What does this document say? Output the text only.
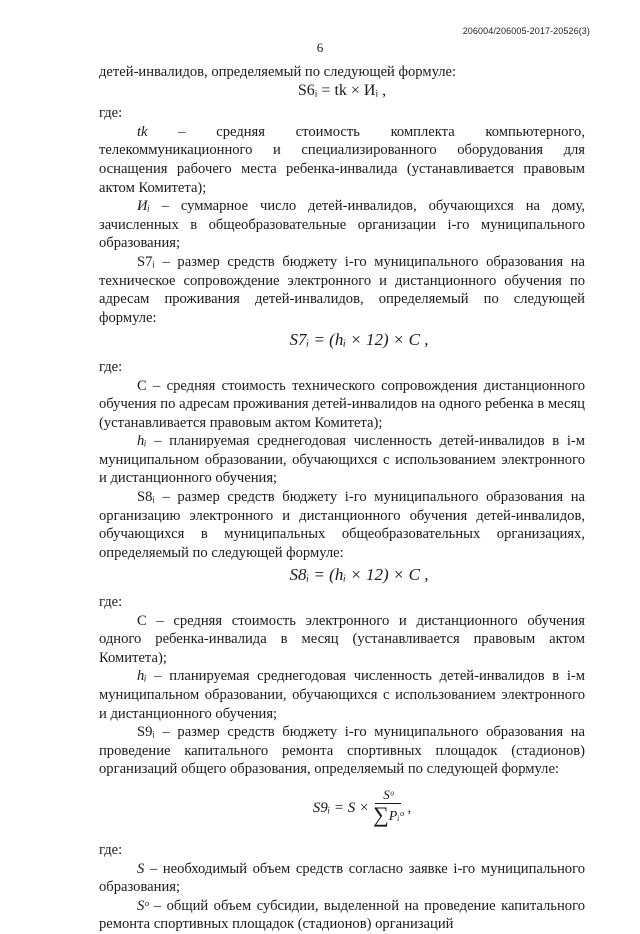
206004/206005-2017-20526(3)
6

детей-инвалидов, определяемый по следующей формуле:

S6ᵢ = tk × Иᵢ ,

где:

tk – средняя стоимость комплекта компьютерного, телекоммуникационного и специализированного оборудования для оснащения рабочего места ребенка-инвалида (устанавливается правовым актом Комитета);

Иᵢ – суммарное число детей-инвалидов, обучающихся на дому, зачисленных в общеобразовательные организации i-го муниципального образования;

S7ᵢ – размер средств бюджету i-го муниципального образования на техническое сопровождение электронного и дистанционного обучения по адресам проживания детей-инвалидов, определяемый по следующей формуле:

S7ᵢ = (hᵢ × 12) × C ,

где:

C – средняя стоимость технического сопровождения дистанционного обучения по адресам проживания детей-инвалидов на одного ребенка в месяц (устанавливается правовым актом Комитета);

hᵢ – планируемая среднегодовая численность детей-инвалидов в i-м муниципальном образовании, обучающихся с использованием электронного и дистанционного обучения;

S8ᵢ – размер средств бюджету i-го муниципального образования на организацию электронного и дистанционного обучения детей-инвалидов, обучающихся в муниципальных общеобразовательных организациях, определяемый по следующей формуле:

S8ᵢ = (hᵢ × 12) × C ,

где:

C – средняя стоимость электронного и дистанционного обучения одного ребенка-инвалида в месяц (устанавливается правовым актом Комитета);

hᵢ – планируемая среднегодовая численность детей-инвалидов в i-м муниципальном образовании, обучающихся с использованием электронного и дистанционного обучения;

S9ᵢ – размер средств бюджету i-го муниципального образования на проведение капитального ремонта спортивных площадок (стадионов) организаций общего образования, определяемый по следующей формуле:

S9ᵢ = $S \times \frac{\text{Sᵒ}}{\text{∑Pᵢᵒ}}$ ,

где:

S – необходимый объем средств согласно заявке i-го муниципального образования;

Sᵒ – общий объем субсидии, выделенной на проведение капитального ремонта спортивных площадок (стадионов) организаций
